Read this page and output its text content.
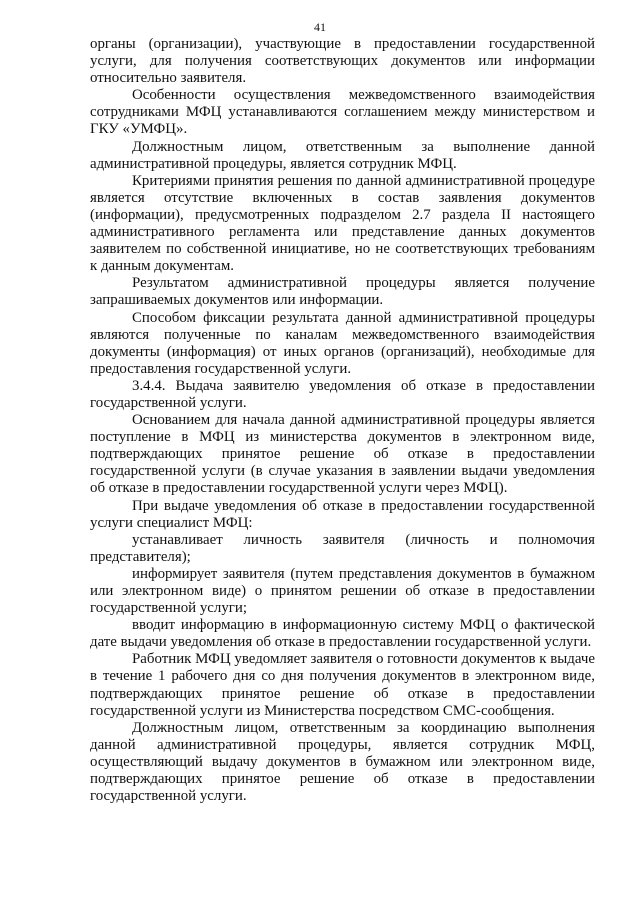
41

органы (организации), участвующие в предоставлении государственной услуги, для получения соответствующих документов или информации относительно заявителя.

Особенности осуществления межведомственного взаимодействия сотрудниками МФЦ устанавливаются соглашением между министерством и ГКУ «УМФЦ».

Должностным лицом, ответственным за выполнение данной административной процедуры, является сотрудник МФЦ.

Критериями принятия решения по данной административной процедуре является отсутствие включенных в состав заявления документов (информации), предусмотренных подразделом 2.7 раздела II настоящего административного регламента или представление данных документов заявителем по собственной инициативе, но не соответствующих требованиям к данным документам.

Результатом административной процедуры является получение запрашиваемых документов или информации.

Способом фиксации результата данной административной процедуры являются полученные по каналам межведомственного взаимодействия документы (информация) от иных органов (организаций), необходимые для предоставления государственной услуги.

3.4.4. Выдача заявителю уведомления об отказе в предоставлении государственной услуги.

Основанием для начала данной административной процедуры является поступление в МФЦ из министерства документов в электронном виде, подтверждающих принятое решение об отказе в предоставлении государственной услуги (в случае указания в заявлении выдачи уведомления об отказе в предоставлении государственной услуги через МФЦ).

При выдаче уведомления об отказе в предоставлении государственной услуги специалист МФЦ:

устанавливает личность заявителя (личность и полномочия представителя);

информирует заявителя (путем представления документов в бумажном или электронном виде) о принятом решении об отказе в предоставлении государственной услуги;

вводит информацию в информационную систему МФЦ о фактической дате выдачи уведомления об отказе в предоставлении государственной услуги.

Работник МФЦ уведомляет заявителя о готовности документов к выдаче в течение 1 рабочего дня со дня получения документов в электронном виде, подтверждающих принятое решение об отказе в предоставлении государственной услуги из Министерства посредством СМС-сообщения.

Должностным лицом, ответственным за координацию выполнения данной административной процедуры, является сотрудник МФЦ, осуществляющий выдачу документов в бумажном или электронном виде, подтверждающих принятое решение об отказе в предоставлении государственной услуги.
